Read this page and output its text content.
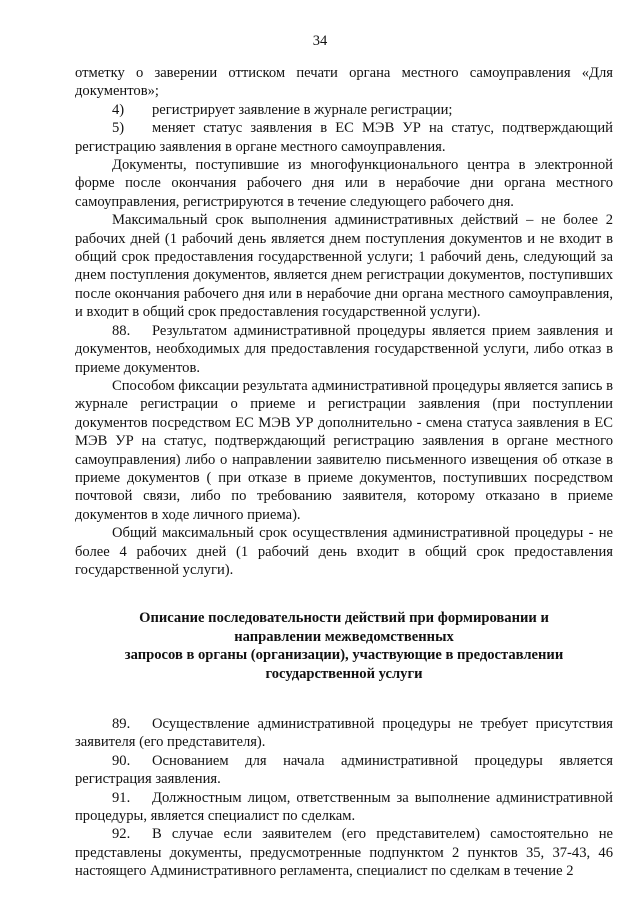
34

отметку о заверении оттиском печати органа местного самоуправления «Для документов»;

4) регистрирует заявление в журнале регистрации;

5) меняет статус заявления в ЕС МЭВ УР на статус, подтверждающий регистрацию заявления в органе местного самоуправления.

Документы, поступившие из многофункционального центра в электронной форме после окончания рабочего дня или в нерабочие дни органа местного самоуправления, регистрируются в течение следующего рабочего дня.

Максимальный срок выполнения административных действий – не более 2 рабочих дней (1 рабочий день является днем поступления документов и не входит в общий срок предоставления государственной услуги; 1 рабочий день, следующий за днем поступления документов, является днем регистрации документов, поступивших после окончания рабочего дня или в нерабочие дни органа местного самоуправления, и входит в общий срок предоставления государственной услуги).

88. Результатом административной процедуры является прием заявления и документов, необходимых для предоставления государственной услуги, либо отказ в приеме документов.

Способом фиксации результата административной процедуры является запись в журнале регистрации о приеме и регистрации заявления (при поступлении документов посредством ЕС МЭВ УР дополнительно - смена статуса заявления в ЕС МЭВ УР на статус, подтверждающий регистрацию заявления в органе местного самоуправления) либо о направлении заявителю письменного извещения об отказе в приеме документов ( при отказе в приеме документов, поступивших посредством почтовой связи, либо по требованию заявителя, которому отказано в приеме документов в ходе личного приема).

Общий максимальный срок осуществления административной процедуры - не более 4 рабочих дней (1 рабочий день входит в общий срок предоставления государственной услуги).

Описание последовательности действий при формировании и
направлении межведомственных
запросов в органы (организации), участвующие в предоставлении
государственной услуги

89. Осуществление административной процедуры не требует присутствия заявителя (его представителя).

90. Основанием для начала административной процедуры является регистрация заявления.

91. Должностным лицом, ответственным за выполнение административной процедуры, является специалист по сделкам.

92. В случае если заявителем (его представителем) самостоятельно не представлены документы, предусмотренные подпунктом 2 пунктов 35, 37-43, 46 настоящего Административного регламента, специалист по сделкам в течение 2
